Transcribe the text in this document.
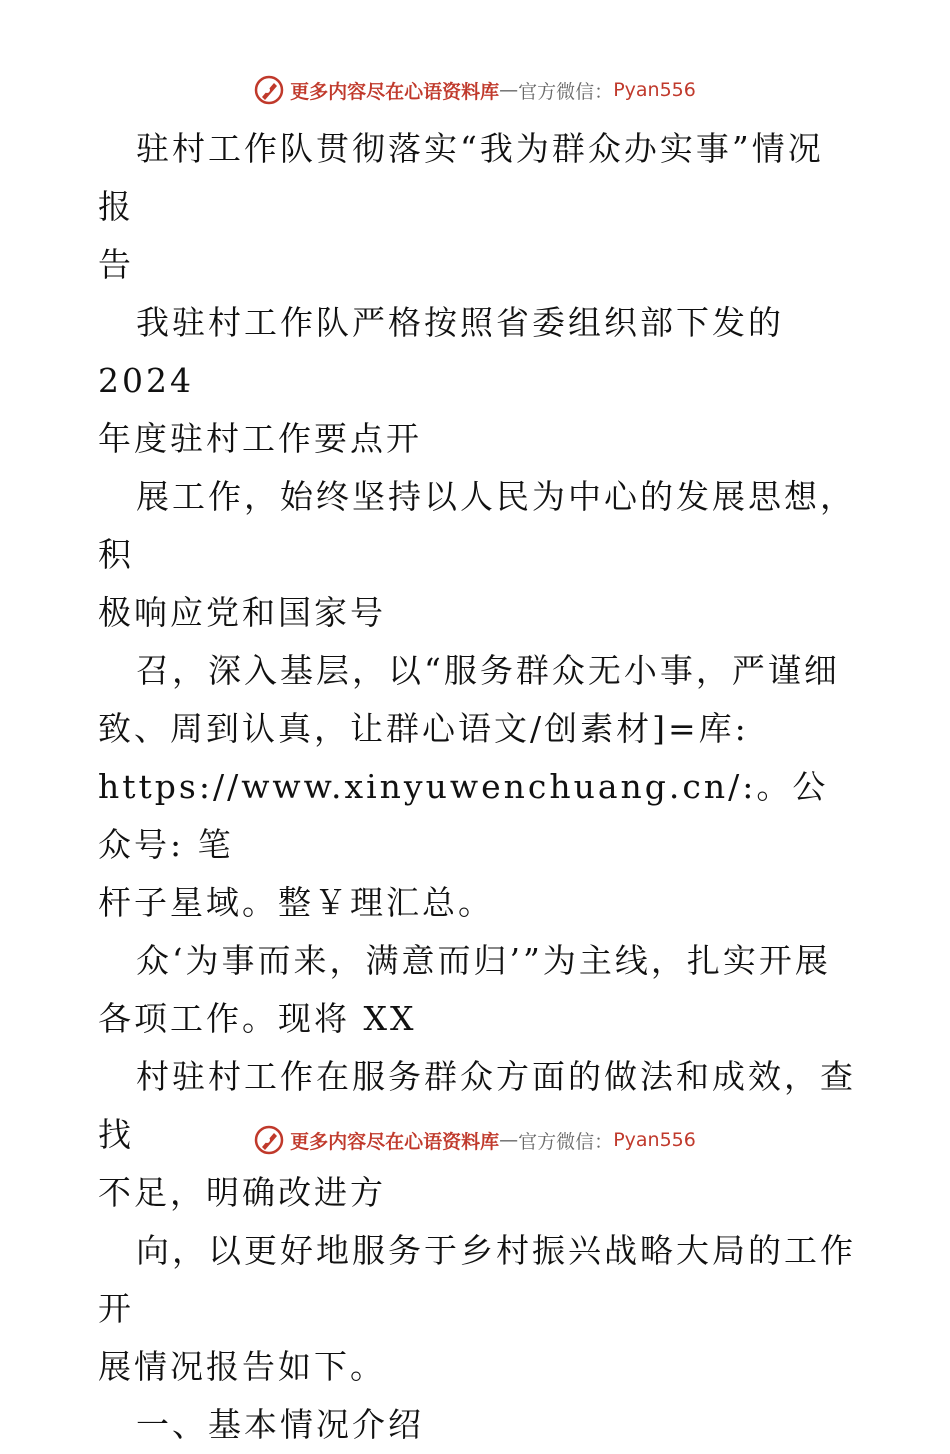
更多内容尽在心语资料库 — 官方微信： Pyan556
驻村工作队贯彻落实“我为群众办实事”情况报
告
我驻村工作队严格按照省委组织部下发的 2024
年度驻村工作要点开
展工作，始终坚持以人民为中心的发展思想，积
极响应党和国家号
召，深入基层，以“服务群众无小事，严谨细
致、周到认真，让群心语文/创素材]=库:
https://www.xinyuwenchuang.cn/:。公众号: 笔
杆子星域。整￥理汇总。
众‘为事而来，满意而归’”为主线，扎实开展
各项工作。现将 XX
村驻村工作在服务群众方面的做法和成效，查找
不足，明确改进方
向，以更好地服务于乡村振兴战略大局的工作开
展情况报告如下。
一、基本情况介绍
更多内容尽在心语资料库 — 官方微信： Pyan556
